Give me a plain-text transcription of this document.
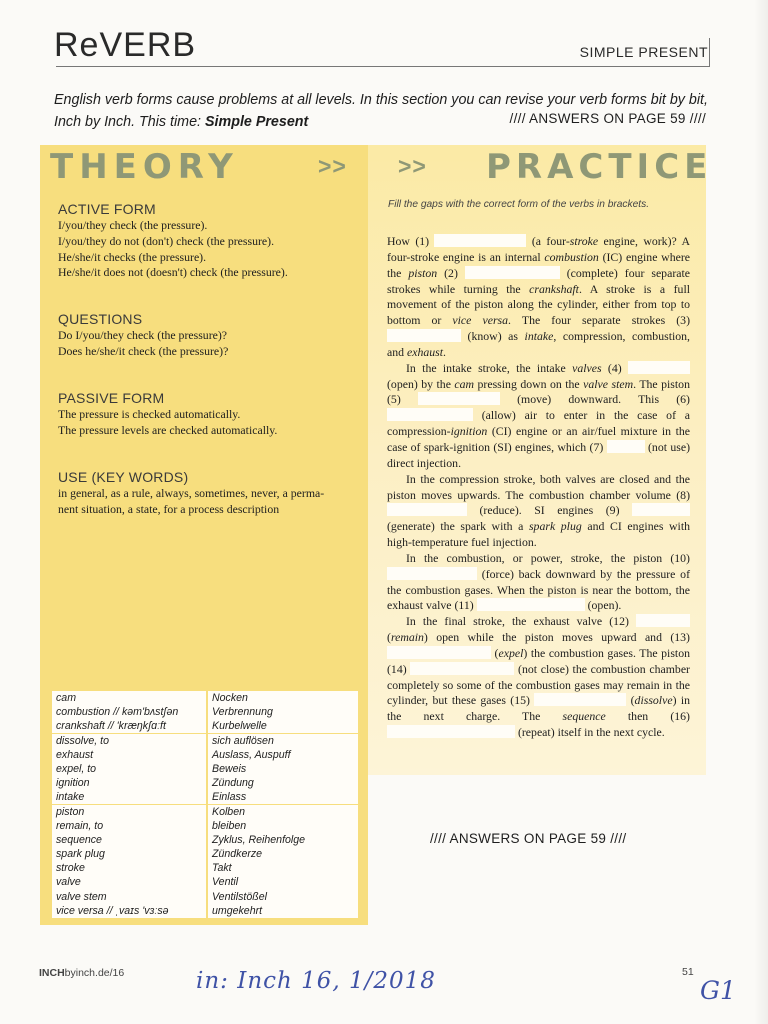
ReVERB	SIMPLE PRESENT
English verb forms cause problems at all levels. In this section you can revise your verb forms bit by bit,
Inch by Inch. This time: Simple Present	//// ANSWERS ON PAGE 59 ////
THEORY	>> >> PRACTICE
ACTIVE FORM
I/you/they check (the pressure).
I/you/they do not (don't) check (the pressure).
He/she/it checks (the pressure).
He/she/it does not (doesn't) check (the pressure).
QUESTIONS
Do I/you/they check (the pressure)?
Does he/she/it check (the pressure)?
PASSIVE FORM
The pressure is checked automatically.
The pressure levels are checked automatically.
USE (KEY WORDS)
in general, as a rule, always, sometimes, never, a perma-
nent situation, a state, for a process description
Fill the gaps with the correct form of the verbs in brackets.

How (1)	(a four-stroke engine, work)? A four-stroke engine is an internal combustion (IC) engine where the piston (2)	(complete) four separate strokes while turning the crankshaft. A stroke is a full movement of the piston along the cylinder, either from top to bottom or vice versa. The four separate strokes (3)  (know) as intake, compression, combustion, and exhaust.

In the intake stroke, the intake valves (4)  (open) by the cam pressing down on the valve stem. The piston (5)	(move) downward. This (6)  (allow) air to enter in the case of a compression-ignition (CI) engine or an air/fuel mixture in the case of spark-ignition (SI) engines, which (7)	(not use) direct injection.

In the compression stroke, both valves are closed and the piston moves upwards. The combustion chamber volume (8)  (reduce). SI engines (9)  (generate) the spark with a spark plug and CI engines with high-temperature fuel injection.

In the combustion, or power, stroke, the piston (10)  (force) back downward by the pressure of the combustion gases. When the piston is near the bottom, the exhaust valve (11)	(open).

In the final stroke, the exhaust valve (12)  (remain) open while the piston moves upward and (13)  (expel) the combustion gases. The piston (14)	(not close) the combustion chamber completely so some of the combustion gases may remain in the cylinder, but these gases (15)	(dissolve) in the next charge. The sequence then (16)  (repeat) itself in the next cycle.

//// ANSWERS ON PAGE 59 ////
cam	Nocken
combustion // kəm'bʌstʃən	Verbrennung
crankshaft // 'kræŋkʃɑːft	Kurbelwelle
dissolve, to	sich auflösen
exhaust	Auslass, Auspuff
expel, to	Beweis
ignition	Zündung
intake	Einlass
piston	Kolben
remain, to	bleiben
sequence	Zyklus, Reihenfolge
spark plug	Zündkerze
stroke	Takt
valve	Ventil
valve stem	Ventilstößel
vice versa // ˌvaɪs 'vɜːsə	umgekehrt
INCHbyinch.de/16	in: Inch 16, 1/2018	51
G1
